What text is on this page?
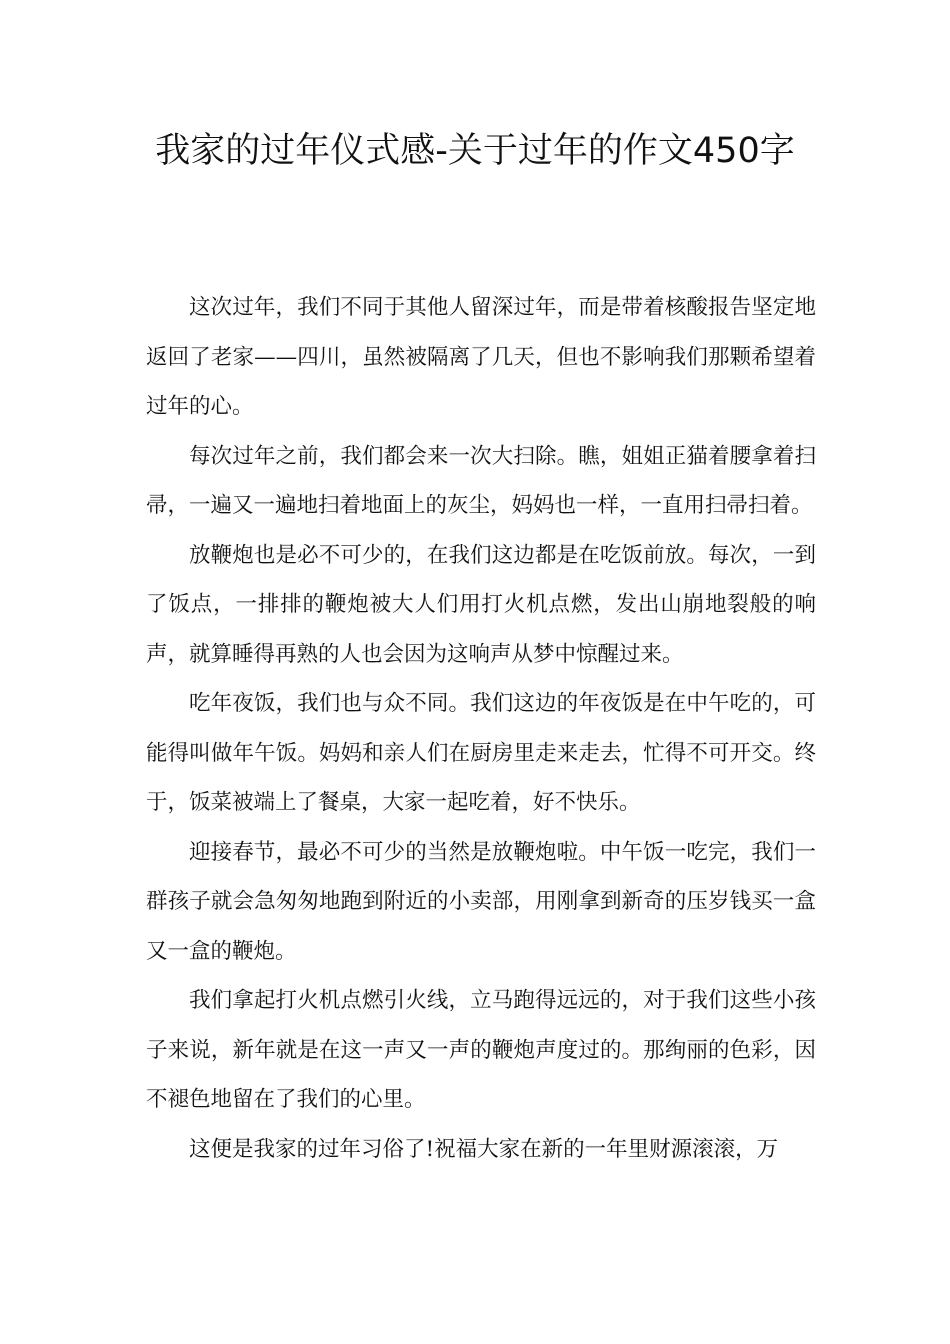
我家的过年仪式感-关于过年的作文450字

这次过年，我们不同于其他人留深过年，而是带着核酸报告坚定地返回了老家——四川，虽然被隔离了几天，但也不影响我们那颗希望着过年的心。

每次过年之前，我们都会来一次大扫除。瞧，姐姐正猫着腰拿着扫帚，一遍又一遍地扫着地面上的灰尘，妈妈也一样，一直用扫帚扫着。

放鞭炮也是必不可少的，在我们这边都是在吃饭前放。每次，一到了饭点，一排排的鞭炮被大人们用打火机点燃，发出山崩地裂般的响声，就算睡得再熟的人也会因为这响声从梦中惊醒过来。

吃年夜饭，我们也与众不同。我们这边的年夜饭是在中午吃的，可能得叫做年午饭。妈妈和亲人们在厨房里走来走去，忙得不可开交。终于，饭菜被端上了餐桌，大家一起吃着，好不快乐。

迎接春节，最必不可少的当然是放鞭炮啦。中午饭一吃完，我们一群孩子就会急匆匆地跑到附近的小卖部，用刚拿到新奇的压岁钱买一盒又一盒的鞭炮。

我们拿起打火机点燃引火线，立马跑得远远的，对于我们这些小孩子来说，新年就是在这一声又一声的鞭炮声度过的。那绚丽的色彩，因不褪色地留在了我们的心里。

这便是我家的过年习俗了!祝福大家在新的一年里财源滚滚，万
